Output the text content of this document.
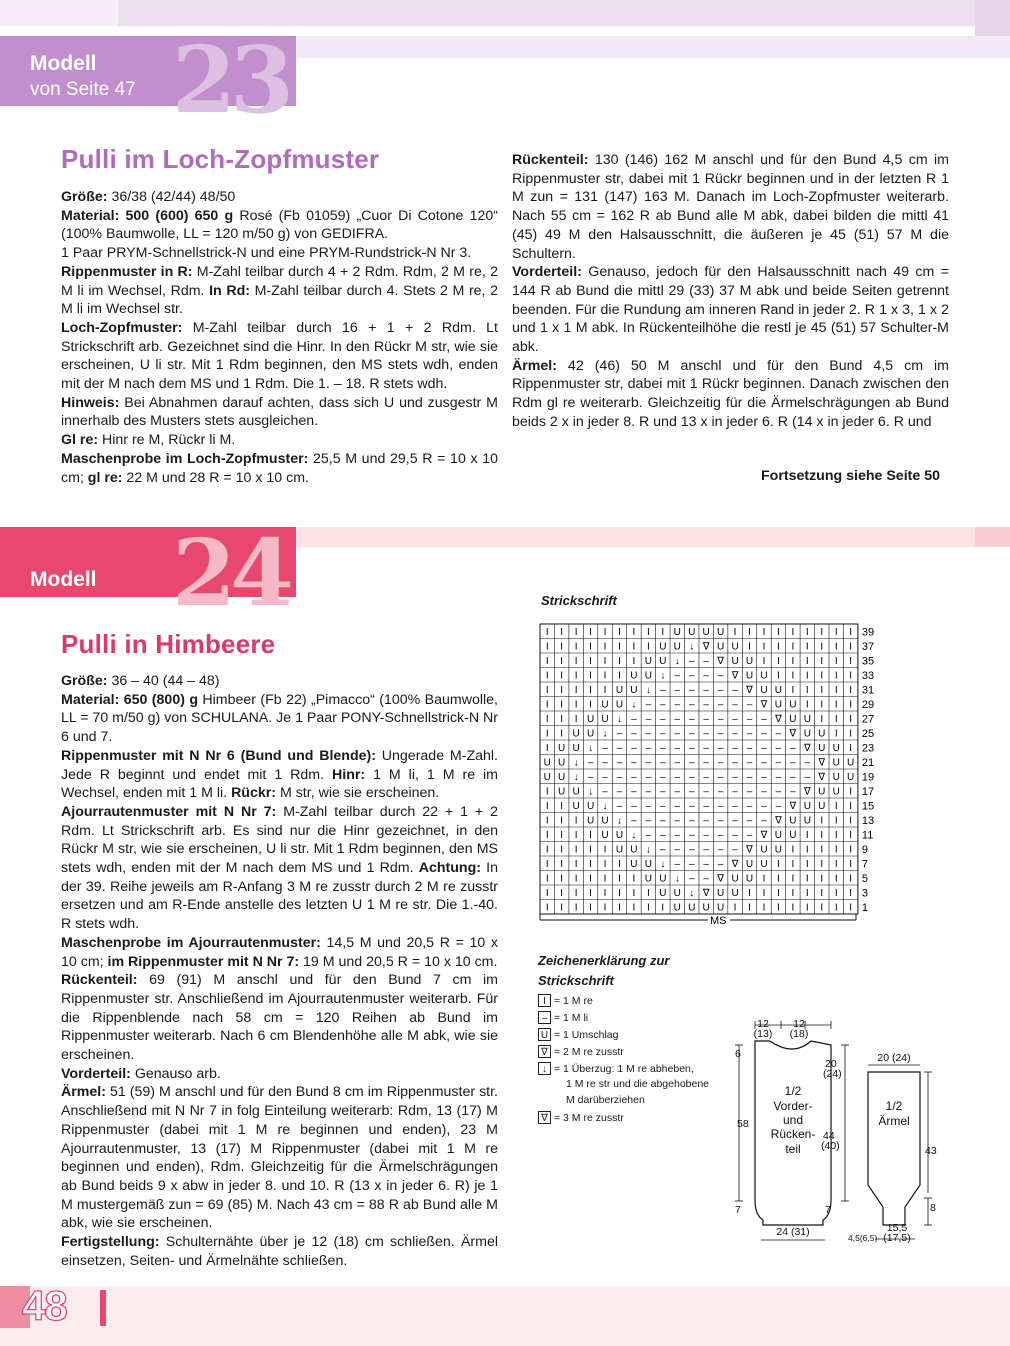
Modell
von Seite 47 23
Pulli im Loch-Zopfmuster

Größe: 36/38 (42/44) 48/50

Material: 500 (600) 650 g Rosé (Fb 01059) „Cuor Di Cotone 120“ (100% Baumwolle, LL = 120 m/50 g) von GEDIFRA.

1 Paar PRYM-Schnellstrick-N und eine PRYM-Rundstrick-N Nr 3.

Rippenmuster in R: M-Zahl teilbar durch 4 + 2 Rdm. Rdm, 2 M re, 2 M li im Wechsel, Rdm. In Rd: M-Zahl teilbar durch 4. Stets 2 M re, 2 M li im Wechsel str.

Loch-Zopfmuster: M-Zahl teilbar durch 16 + 1 + 2 Rdm. Lt Strickschrift arb. Gezeichnet sind die Hinr. In den Rückr M str, wie sie erscheinen, U li str. Mit 1 Rdm beginnen, den MS stets wdh, enden mit der M nach dem MS und 1 Rdm. Die 1. – 18. R stets wdh.

Hinweis: Bei Abnahmen darauf achten, dass sich U und zusgestr M innerhalb des Musters stets ausgleichen.

Gl re: Hinr re M, Rückr li M.

Maschenprobe im Loch-Zopfmuster: 25,5 M und 29,5 R = 10 x 10 cm; gl re: 22 M und 28 R = 10 x 10 cm.

Rückenteil: 130 (146) 162 M anschl und für den Bund 4,5 cm im Rippenmuster str, dabei mit 1 Rückr beginnen und in der letzten R 1 M zun = 131 (147) 163 M. Danach im Loch-Zopfmuster weiterarb. Nach 55 cm = 162 R ab Bund alle M abk, dabei bilden die mittl 41 (45) 49 M den Halsausschnitt, die äußeren je 45 (51) 57 M die Schultern.

Vorderteil: Genauso, jedoch für den Halsausschnitt nach 49 cm = 144 R ab Bund die mittl 29 (33) 37 M abk und beide Seiten getrennt beenden. Für die Rundung am inneren Rand in jeder 2. R 1 x 3, 1 x 2 und 1 x 1 M abk. In Rückenteilhöhe die restl je 45 (51) 57 Schulter-M abk.

Ärmel: 42 (46) 50 M anschl und für den Bund 4,5 cm im Rippenmuster str, dabei mit 1 Rückr beginnen. Danach zwischen den Rdm gl re weiterarb. Gleichzeitig für die Ärmelschrägungen ab Bund beids 2 x in jeder 8. R und 13 x in jeder 6. R (14 x in jeder 6. R und

Fortsetzung siehe Seite 50
Modell 24
Pulli in Himbeere

Größe: 36 – 40 (44 – 48)

Material: 650 (800) g Himbeer (Fb 22) „Pimacco“ (100% Baumwolle, LL = 70 m/50 g) von SCHULANA. Je 1 Paar PONY-Schnellstrick-N Nr 6 und 7.

Rippenmuster mit N Nr 6 (Bund und Blende): Ungerade M-Zahl. Jede R beginnt und endet mit 1 Rdm. Hinr: 1 M li, 1 M re im Wechsel, enden mit 1 M li. Rückr: M str, wie sie erscheinen.

Ajourrautenmuster mit N Nr 7: M-Zahl teilbar durch 22 + 1 + 2 Rdm. Lt Strickschrift arb. Es sind nur die Hinr gezeichnet, in den Rückr M str, wie sie erscheinen, U li str. Mit 1 Rdm beginnen, den MS stets wdh, enden mit der M nach dem MS und 1 Rdm. Achtung: In der 39. Reihe jeweils am R-Anfang 3 M re zusstr durch 2 M re zusstr ersetzen und am R-Ende anstelle des letzten U 1 M re str. Die 1.-40. R stets wdh.

Maschenprobe im Ajourrautenmuster: 14,5 M und 20,5 R = 10 x 10 cm; im Rippenmuster mit N Nr 7: 19 M und 20,5 R = 10 x 10 cm.

Rückenteil: 69 (91) M anschl und für den Bund 7 cm im Rippenmuster str. Anschließend im Ajourrautenmuster weiterarb. Für die Rippenblende nach 58 cm = 120 Reihen ab Bund im Rippenmuster weiterarb. Nach 6 cm Blendenhöhe alle M abk, wie sie erscheinen.

Vorderteil: Genauso arb.

Ärmel: 51 (59) M anschl und für den Bund 8 cm im Rippenmuster str. Anschließend mit N Nr 7 in folg Einteilung weiterarb: Rdm, 13 (17) M Rippenmuster (dabei mit 1 M re beginnen und enden), 23 M Ajourrautenmuster, 13 (17) M Rippenmuster (dabei mit 1 M re beginnen und enden), Rdm. Gleichzeitig für die Ärmelschrägungen ab Bund beids 9 x abw in jeder 8. und 10. R (13 x in jeder 6. R) je 1 M mustergemäß zun = 69 (85) M. Nach 43 cm = 88 R ab Bund alle M abk, wie sie erscheinen.

Fertigstellung: Schulternähte über je 12 (18) cm schließen. Ärmel einsetzen, Seiten- und Ärmelnähte schließen.

Strickschrift
I I I I I I I I I U U U U I I I I I I I I I
I I I I I I I I U U ↓ ∇ U U I I I I I I I I
I I I I I I I U U ↓ – – ∇ U U I I I I I I I
I I I I I I U U ↓ – – – – ∇ U U I I I I I I
I I I I I U U ↓ – – – – – – ∇ U U I I I I I
I I I I U U ↓ – – – – – – – – ∇ U U I I I I
I I I U U ↓ – – – – – – – – – – ∇ U U I I I
I I U U ↓ – – – – – – – – – – – – ∇ U U I I
I U U ↓ – – – – – – – – – – – – – – ∇ U U I
U U ↓ – – – – – – – – – – – – – – – – ∇ U U
U U ↓ – – – – – – – – – – – – – – – – ∇ U U
I U U ↓ – – – – – – – – – – – – – – ∇ U U I
I I U U ↓ – – – – – – – – – – – – ∇ U U I I
I I I U U ↓ – – – – – – – – – – ∇ U U I I I
I I I I U U ↓ – – – – – – – – ∇ U U I I I I
I I I I I U U ↓ – – – – – – ∇ U U I I I I I
I I I I I I U U ↓ – – – – ∇ U U I I I I I I
I I I I I I I U U ↓ – – ∇ U U I I I I I I I
I I I I I I I I U U ↓ ∇ U U I I I I I I I I
I I I I I I I I I U U U U I I I I I I I I I
39
37
35
33
31
29
27
25
23
21
19
17
15
13
11
9
7
5
3
1
MS
Zeichenerklärung zur
Strickschrift
I = 1 M re
– = 1 M li
U = 1 Umschlag
∇ = 2 M re zusstr
↓ = 1 Überzug: 1 M re abheben,
1 M re str und die abgehobene
M darüberziehen
∇ = 3 M re zusstr
12
(13)
12
(18)
6
58
20
(24)
44
(40)
7	7
24 (31)
20 (24)
43
8
15,5
(17,5)
4,5(6,5)
1/2
Vorder-
und
Rücken-
teil
1/2
Ärmel
48
